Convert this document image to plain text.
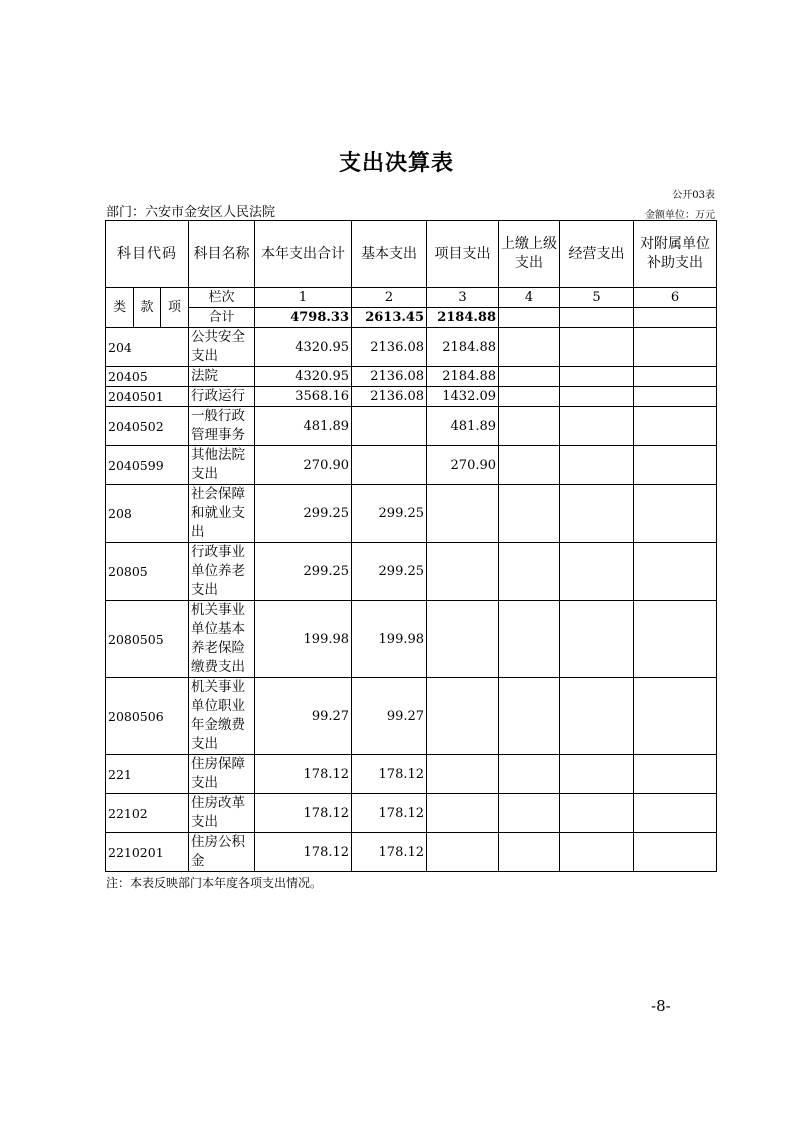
支出决算表
公开03表
部门：六安市金安区人民法院	金额单位：万元
科目代码			科目名称	本年支出合计	基本支出	项目支出	上缴上级支出	经营支出	对附属单位补助支出
类	款	项	栏次	1	2	3	4	5	6
			合计	4798.33	2613.45	2184.88			
204			公共安全支出	4320.95	2136.08	2184.88			
20405			法院	4320.95	2136.08	2184.88			
2040501			行政运行	3568.16	2136.08	1432.09			
2040502			一般行政管理事务	481.89		481.89			
2040599			其他法院支出	270.90		270.90			
208			社会保障和就业支出	299.25	299.25				
20805			行政事业单位养老支出	299.25	299.25				
2080505			机关事业单位基本养老保险缴费支出	199.98	199.98				
2080506			机关事业单位职业年金缴费支出	99.27	99.27				
221			住房保障支出	178.12	178.12				
22102			住房改革支出	178.12	178.12				
2210201			住房公积金	178.12	178.12				
注：本表反映部门本年度各项支出情况。
-8-
